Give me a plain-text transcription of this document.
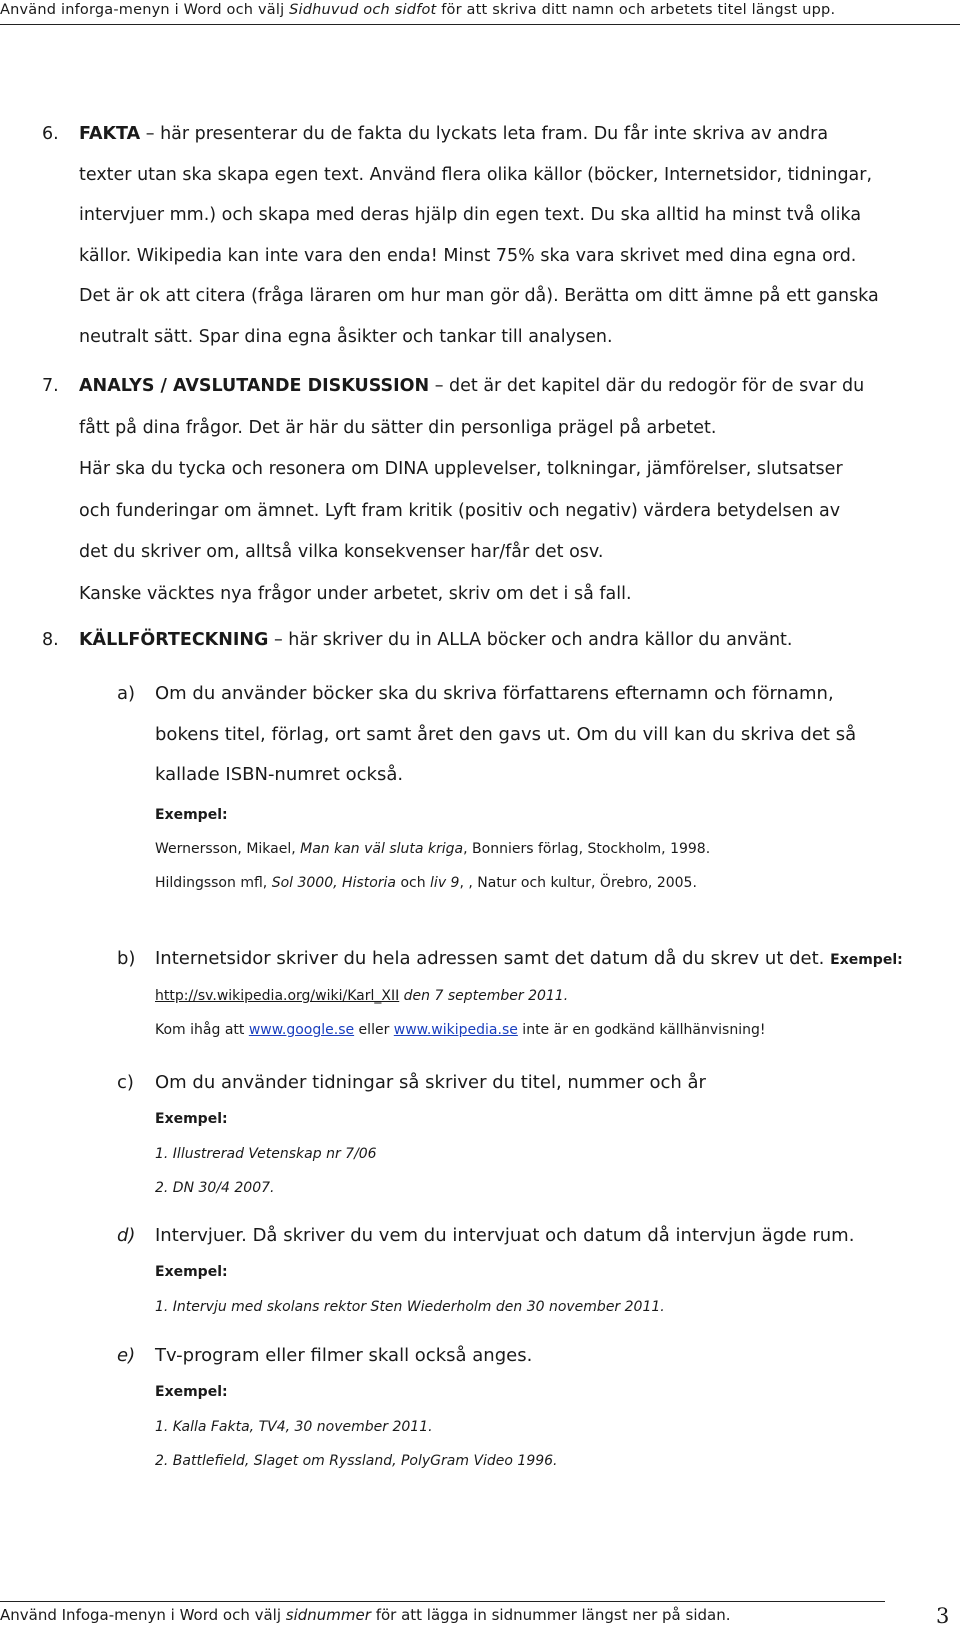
Använd inforga-menyn i Word och välj Sidhuvud och sidfot för att skriva ditt namn och arbetets titel längst upp.
6. FAKTA – här presenterar du de fakta du lyckats leta fram. Du får inte skriva av andra
texter utan ska skapa egen text. Använd flera olika källor (böcker, Internetsidor, tidningar,
intervjuer mm.) och skapa med deras hjälp din egen text. Du ska alltid ha minst två olika
källor. Wikipedia kan inte vara den enda! Minst 75% ska vara skrivet med dina egna ord.
Det är ok att citera (fråga läraren om hur man gör då). Berätta om ditt ämne på ett ganska
neutralt sätt. Spar dina egna åsikter och tankar till analysen.
7. ANALYS / AVSLUTANDE DISKUSSION – det är det kapitel där du redogör för de svar du
fått på dina frågor. Det är här du sätter din personliga prägel på arbetet.
Här ska du tycka och resonera om DINA upplevelser, tolkningar, jämförelser, slutsatser
och funderingar om ämnet. Lyft fram kritik (positiv och negativ) värdera betydelsen av
det du skriver om, alltså vilka konsekvenser har/får det osv.
Kanske väcktes nya frågor under arbetet, skriv om det i så fall.
8. KÄLLFÖRTECKNING – här skriver du in ALLA böcker och andra källor du använt.
a) Om du använder böcker ska du skriva författarens efternamn och förnamn,
bokens titel, förlag, ort samt året den gavs ut. Om du vill kan du skriva det så
kallade ISBN-numret också.
Exempel:
Wernersson, Mikael, Man kan väl sluta kriga, Bonniers förlag, Stockholm, 1998.
Hildingsson mfl, Sol 3000, Historia och liv 9, , Natur och kultur, Örebro, 2005.
b) Internetsidor skriver du hela adressen samt det datum då du skrev ut det. Exempel:
http://sv.wikipedia.org/wiki/Karl_XII den 7 september 2011.
Kom ihåg att www.google.se eller www.wikipedia.se inte är en godkänd källhänvisning!
c) Om du använder tidningar så skriver du titel, nummer och år
Exempel:
1. Illustrerad Vetenskap nr 7/06
2. DN 30/4 2007.
d) Intervjuer. Då skriver du vem du intervjuat och datum då intervjun ägde rum.
Exempel:
1. Intervju med skolans rektor Sten Wiederholm den 30 november 2011.
e) Tv-program eller filmer skall också anges.
Exempel:
1. Kalla Fakta, TV4, 30 november 2011.
2. Battlefield, Slaget om Ryssland, PolyGram Video 1996.
Använd Infoga-menyn i Word och välj sidnummer för att lägga in sidnummer längst ner på sidan.	3
